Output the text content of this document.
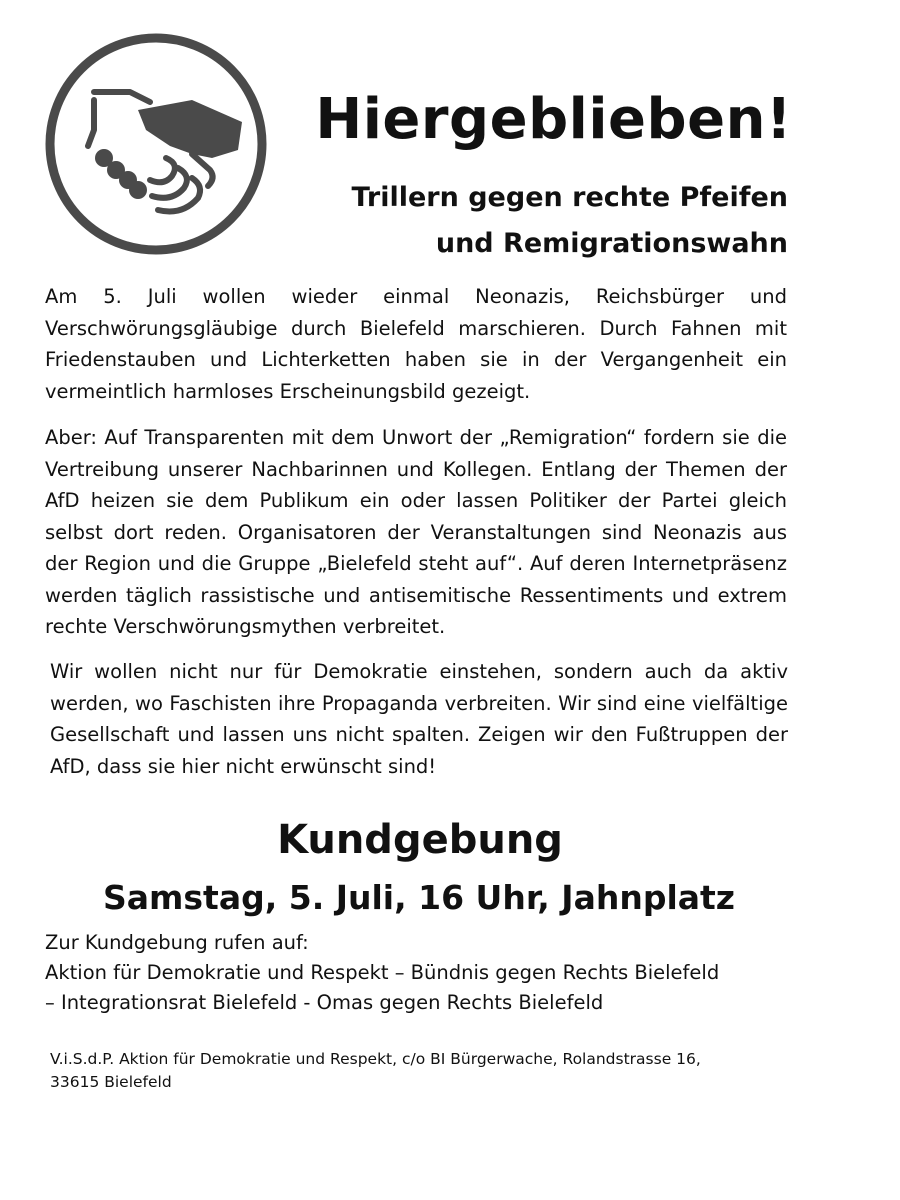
Hiergeblieben!
Trillern gegen rechte Pfeifen
und Remigrationswahn
Am 5. Juli wollen wieder einmal Neonazis, Reichsbürger und Verschwörungsgläubige durch Bielefeld marschieren. Durch Fahnen mit Friedenstauben und Lichterketten haben sie in der Vergangenheit ein vermeintlich harmloses Erscheinungsbild gezeigt.
Aber: Auf Transparenten mit dem Unwort der „Remigration“ fordern sie die Vertreibung unserer Nachbarinnen und Kollegen. Entlang der Themen der AfD heizen sie dem Publikum ein oder lassen Politiker der Partei gleich selbst dort reden. Organisatoren der Veranstaltungen sind Neonazis aus der Region und die Gruppe „Bielefeld steht auf“. Auf deren Internetpräsenz werden täglich rassistische und antisemitische Ressentiments und extrem rechte Verschwörungsmythen verbreitet.
Wir wollen nicht nur für Demokratie einstehen, sondern auch da aktiv werden, wo Faschisten ihre Propaganda verbreiten. Wir sind eine vielfältige Gesellschaft und lassen uns nicht spalten. Zeigen wir den Fußtruppen der AfD, dass sie hier nicht erwünscht sind!
Kundgebung
Samstag, 5. Juli, 16 Uhr, Jahnplatz
Zur Kundgebung rufen auf:
Aktion für Demokratie und Respekt – Bündnis gegen Rechts Bielefeld
– Integrationsrat Bielefeld - Omas gegen Rechts Bielefeld
V.i.S.d.P. Aktion für Demokratie und Respekt, c/o BI Bürgerwache, Rolandstrasse 16,
33615 Bielefeld
